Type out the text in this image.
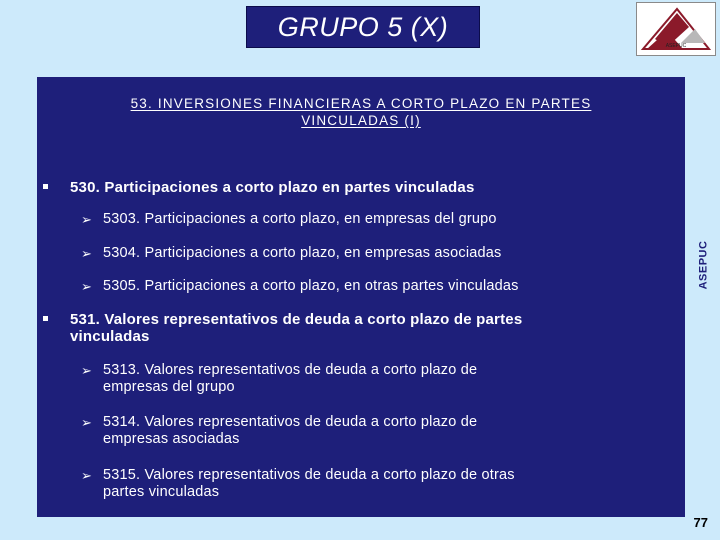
GRUPO 5 (X)
ASEPUC
ASEPUC
53. INVERSIONES FINANCIERAS A CORTO PLAZO EN PARTES
VINCULADAS (I)
530. Participaciones a corto plazo en partes vinculadas
➢ 5303. Participaciones a corto plazo, en empresas del grupo
➢ 5304. Participaciones a corto plazo, en empresas asociadas
➢ 5305. Participaciones a corto plazo, en otras partes vinculadas
531. Valores representativos de deuda a corto plazo de partes
vinculadas
➢ 5313. Valores representativos de deuda a corto plazo de
empresas del grupo
➢ 5314. Valores representativos de deuda a corto plazo de
empresas asociadas
➢ 5315. Valores representativos de deuda a corto plazo de otras
partes vinculadas
77
